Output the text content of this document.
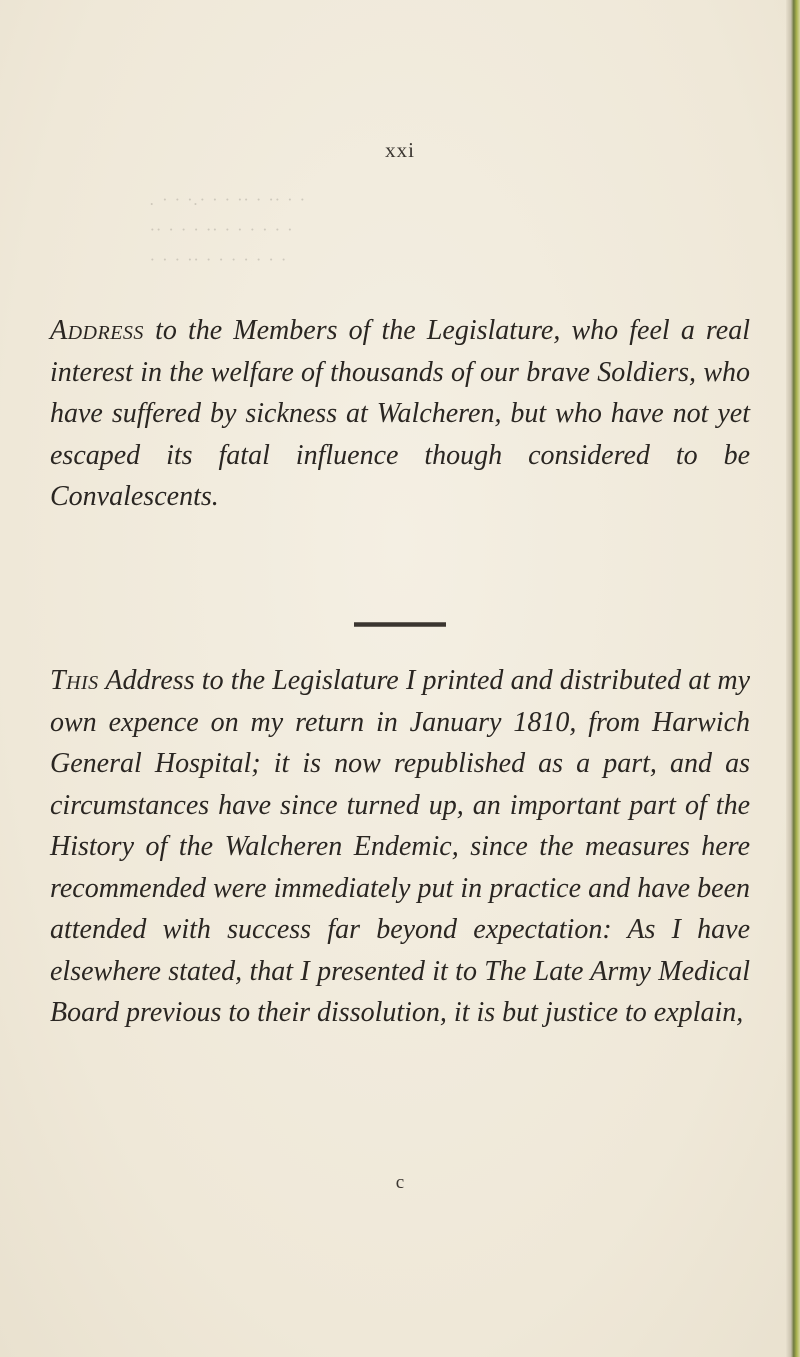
xxi
. · · ·.· · · ·· · ·· · ·
·· · · · ·· · · · · · ·
· · · ·· · · · · · · ·
Address to the Members of the Legislature, who feel a real interest in the welfare of thousands of our brave Soldiers, who have suffered by sickness at Walcheren, but who have not yet escaped its fatal influence though considered to be Convalescents.
This Address to the Legislature I printed and distributed at my own expence on my return in January 1810, from Harwich General Hospital; it is now republished as a part, and as circumstances have since turned up, an important part of the History of the Walcheren Endemic, since the measures here recommended were immediately put in practice and have been attended with success far beyond expectation: As I have elsewhere stated, that I presented it to The Late Army Medical Board previous to their dissolution, it is but justice to explain,
c
